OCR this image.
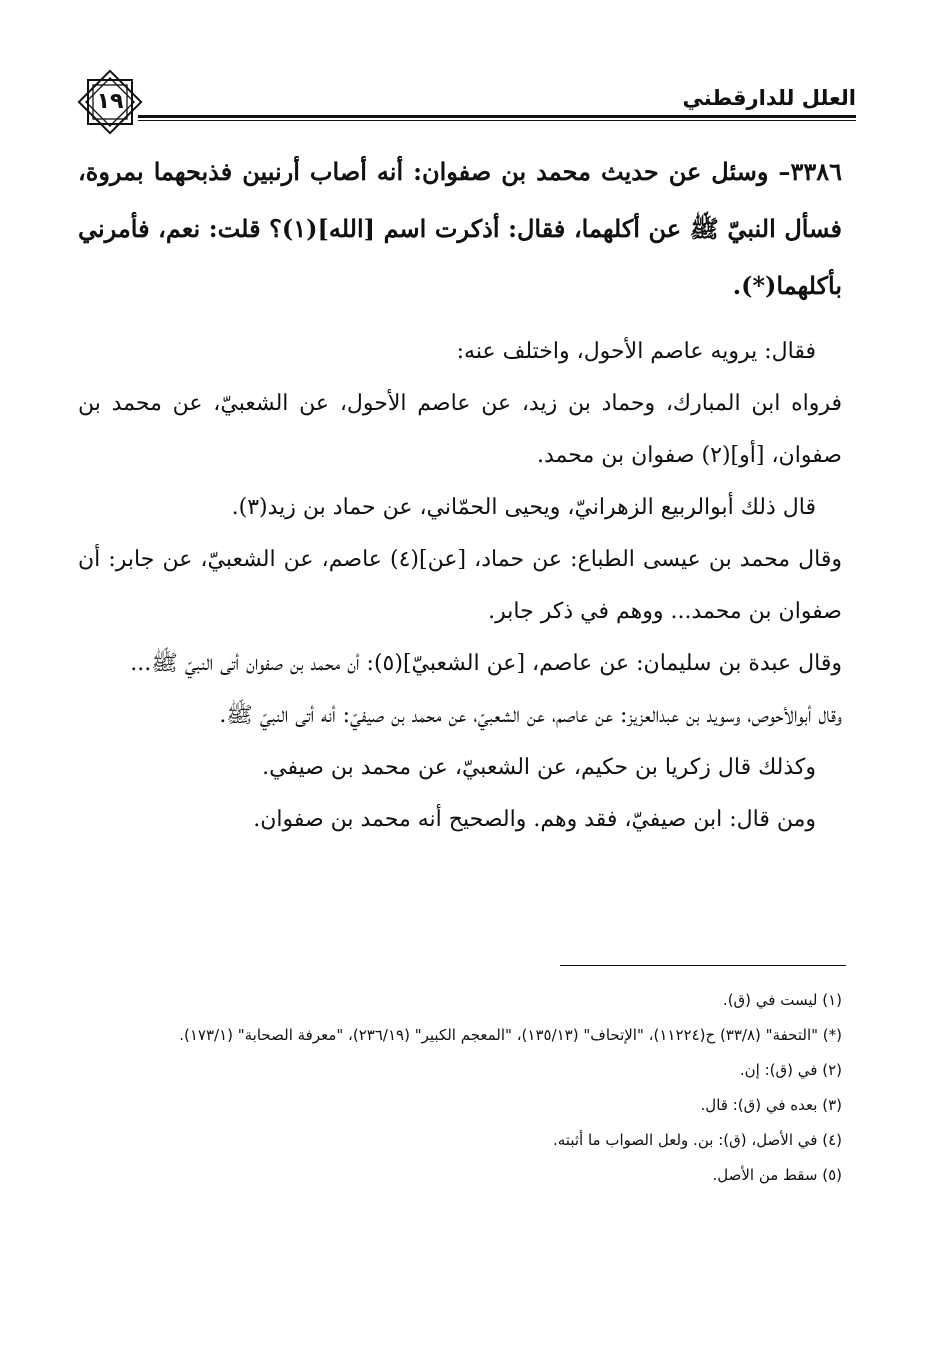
العلل للدارقطني
١٩

٣٣٨٦– وسئل عن حديث محمد بن صفوان: أنه أصاب أرنبين فذبحهما بمروة، فسأل النبيّ ﷺ عن أكلهما، فقال: أذكرت اسم [الله](١)؟ قلت: نعم، فأمرني بأكلهما(*).

فقال: يرويه عاصم الأحول، واختلف عنه:

فرواه ابن المبارك، وحماد بن زيد، عن عاصم الأحول، عن الشعبيّ، عن محمد بن صفوان، [أو](٢) صفوان بن محمد.

قال ذلك أبوالربيع الزهرانيّ، ويحيى الحمّاني، عن حماد بن زيد(٣).

وقال محمد بن عيسى الطباع: عن حماد، [عن](٤) عاصم، عن الشعبيّ، عن جابر: أن صفوان بن محمد... ووهم في ذكر جابر.

وقال عبدة بن سليمان: عن عاصم، [عن الشعبيّ](٥): أن محمد بن صفوان أتى النبيّ ﷺ...

وقال أبوالأحوص، وسويد بن عبدالعزيز: عن عاصم، عن الشعبيّ، عن محمد بن صيفيّ: أنه أتى النبيّ ﷺ.

وكذلك قال زكريا بن حكيم، عن الشعبيّ، عن محمد بن صيفي.

ومن قال: ابن صيفيّ، فقد وهم. والصحيح أنه محمد بن صفوان.

(١) ليست في (ق).

(*) "التحفة" (٣٣/٨) ح(١١٢٢٤)، "الإتحاف" (١٣٥/١٣)، "المعجم الكبير" (٢٣٦/١٩)، "معرفة الصحابة" (١٧٣/١).

(٢) في (ق): إن.

(٣) بعده في (ق): قال.

(٤) في الأصل، (ق): بن. ولعل الصواب ما أثبته.

(٥) سقط من الأصل.
